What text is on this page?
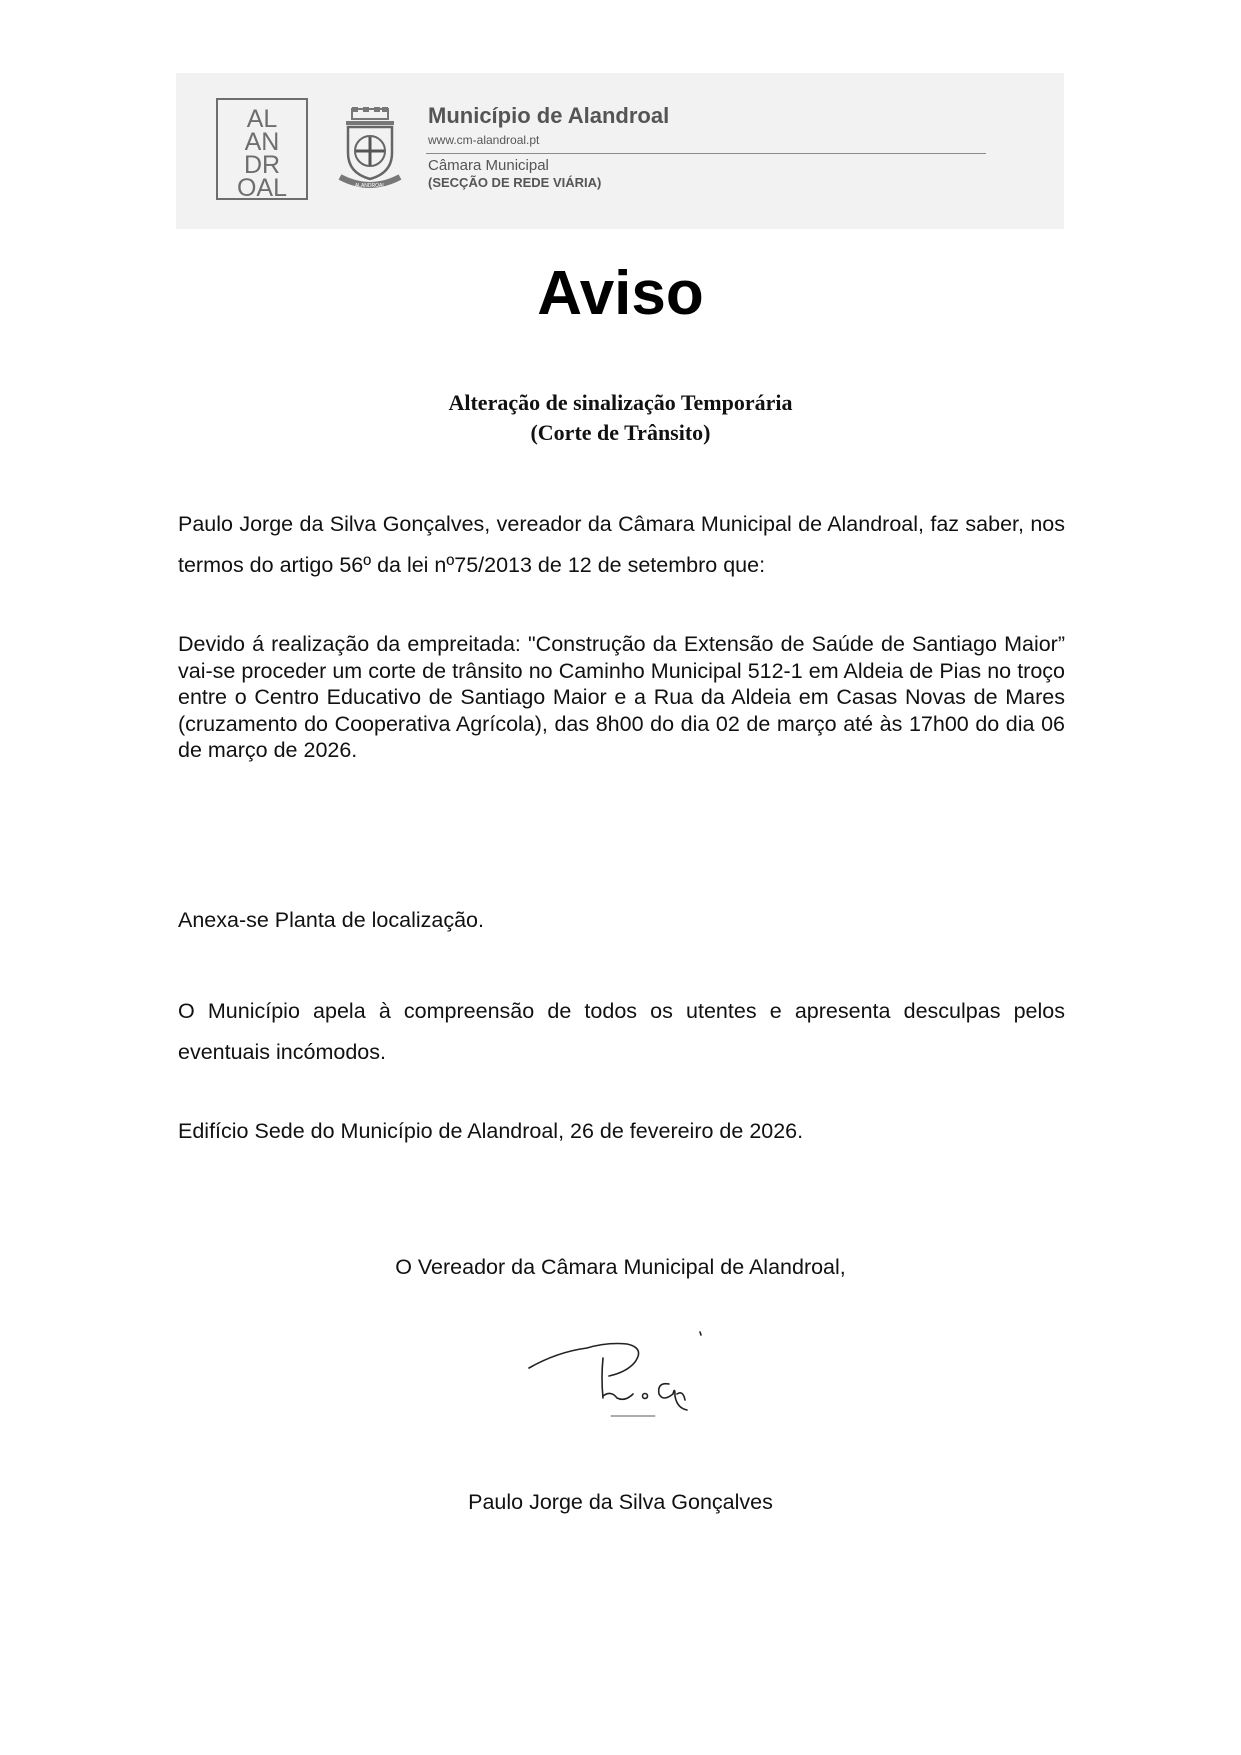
AL
AN
DR
OAL	ALANDROAL
Município de Alandroal
www.cm-alandroal.pt
Câmara Municipal
(SECÇÃO DE REDE VIÁRIA)
Aviso
Alteração de sinalização Temporária
(Corte de Trânsito)

Paulo Jorge da Silva Gonçalves, vereador da Câmara Municipal de Alandroal, faz saber, nos termos do artigo 56º da lei nº75/2013 de 12 de setembro que:

Devido á realização da empreitada: "Construção da Extensão de Saúde de Santiago Maior” vai-se proceder um corte de trânsito no Caminho Municipal 512-1 em Aldeia de Pias no troço entre o Centro Educativo de Santiago Maior e a Rua da Aldeia em Casas Novas de Mares (cruzamento do Cooperativa Agrícola), das 8h00 do dia 02 de março até às 17h00 do dia 06 de março de 2026.

Anexa-se Planta de localização.

O Município apela à compreensão de todos os utentes e apresenta desculpas pelos eventuais incómodos.

Edifício Sede do Município de Alandroal, 26 de fevereiro de 2026.

O Vereador da Câmara Municipal de Alandroal,
Paulo Jorge da Silva Gonçalves
